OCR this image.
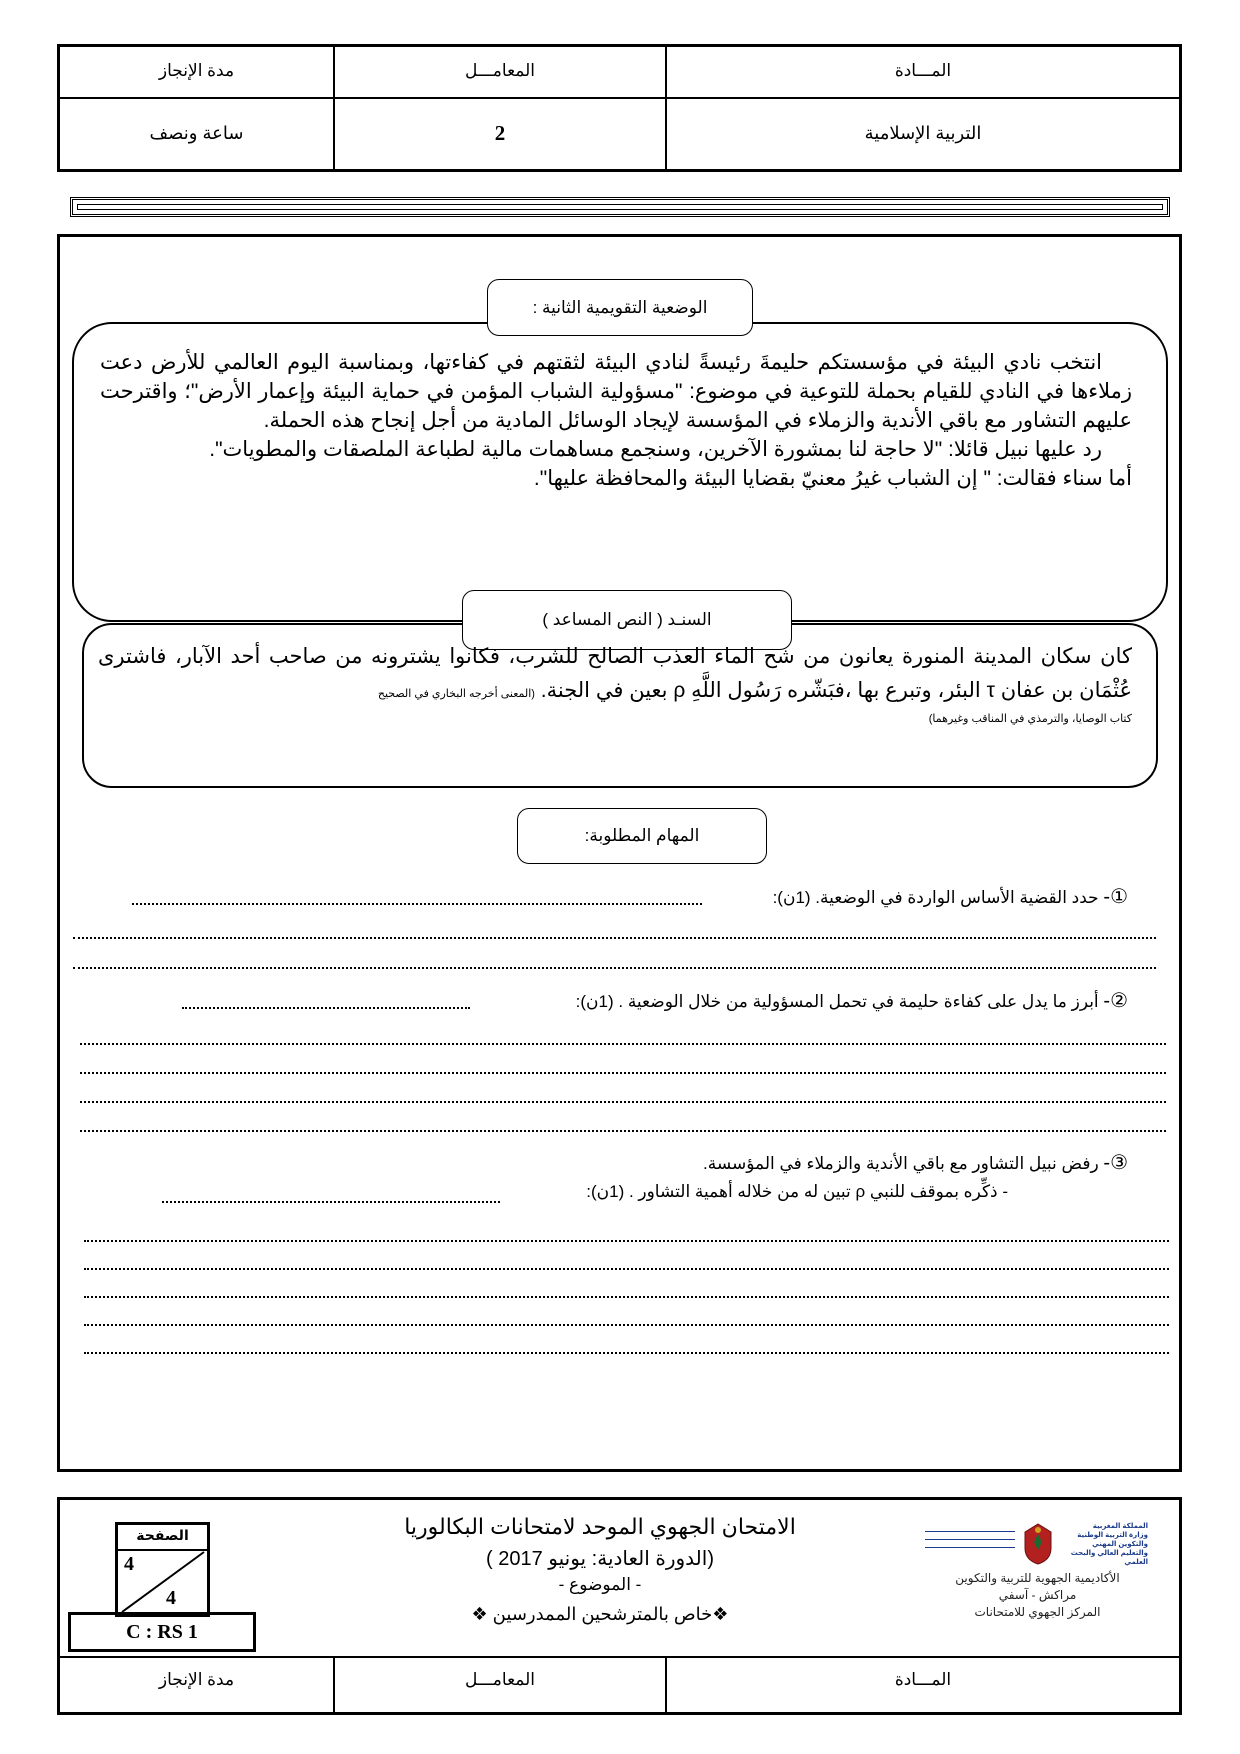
المـــادة
المعامـــل
مدة الإنجاز
التربية الإسلامية
2
ساعة ونصف
الوضعية التقويمية الثانية :
انتخب نادي البيئة في مؤسستكم حليمةَ رئيسةً لنادي البيئة لثقتهم في كفاءتها، وبمناسبة اليوم العالمي للأرض دعت زملاءها في النادي للقيام بحملة للتوعية في موضوع: "مسؤولية الشباب المؤمن في حماية البيئة وإعمار الأرض"؛ واقترحت عليهم التشاور مع باقي الأندية والزملاء في المؤسسة لإيجاد الوسائل المادية من أجل إنجاح هذه الحملة.
رد عليها نبيل قائلا: "لا حاجة لنا بمشورة الآخرين، وسنجمع مساهمات مالية لطباعة الملصقات والمطويات".
أما سناء فقالت: " إن الشباب غيرُ معنيّ بقضايا البيئة والمحافظة عليها".
السنـد ( النص المساعد )
كان سكان المدينة المنورة يعانون من شح الماء العذب الصالح للشرب، فكانوا يشترونه من صاحب أحد الآبار، فاشترى عُثْمَان بن عفان τ البئر، وتبرع بها ،فبَشّره رَسُول اللَّهِ ρ بعين في الجنة. (المعنى أخرجه البخاري في الصحيح
كتاب الوصايا، والترمذي في المناقب وغيرهما)
المهام المطلوبة:
①- حدد القضية الأساس الواردة في الوضعية. (1ن):
②- أبرز ما يدل على كفاءة حليمة في تحمل المسؤولية من خلال الوضعية . (1ن):
③- رفض نبيل التشاور مع باقي الأندية والزملاء في المؤسسة.
- ذكِّره بموقف للنبي ρ تبين له من خلاله أهمية التشاور . (1ن):
المـــادة
المعامـــل
مدة الإنجاز
الامتحان الجهوي الموحد لامتحانات البكالوريا
(الدورة العادية: يونيو 2017 )
- الموضوع -
❖خاص بالمترشحين الممدرسين ❖
الصفحة
4
4
C : RS 1
المملكة المغربية
وزارة التربية الوطنية والتكوين المهني
والتعليم العالي والبحث العلمي
الأكاديمية الجهوية للتربية والتكوين
مراكش - آسفي
المركز الجهوي للامتحانات
